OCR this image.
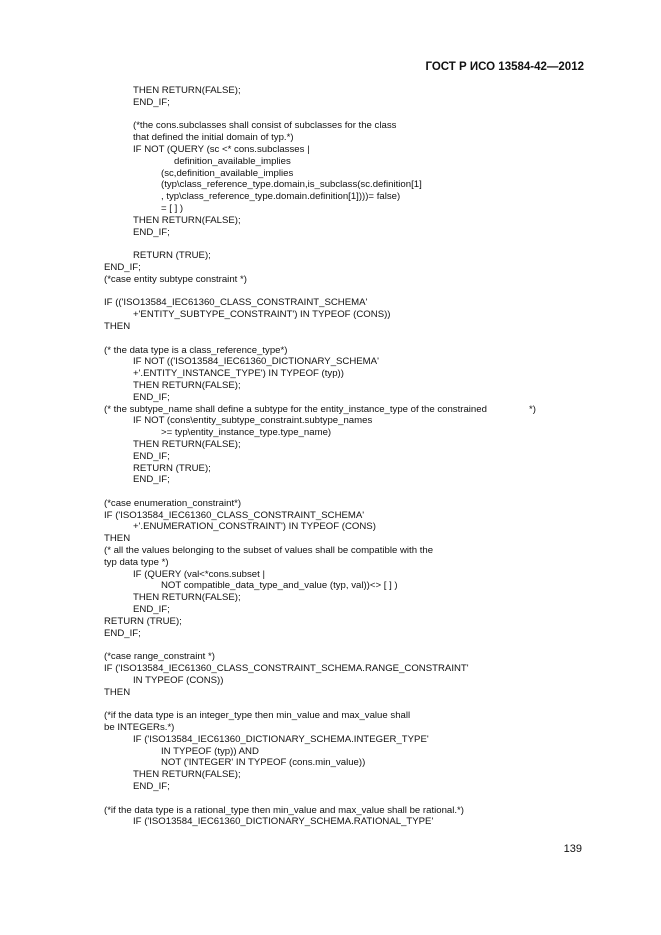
ГОСТ Р ИСО 13584-42—2012
THEN RETURN(FALSE);
END_IF;
(*the cons.subclasses shall consist of subclasses for the class
that defined the initial domain of typ.*)
IF NOT (QUERY (sc <* cons.subclasses |
definition_available_implies
(sc,definition_available_implies
(typ\class_reference_type.domain,is_subclass(sc.definition[1]
, typ\class_reference_type.domain.definition[1])))= false)
= [ ] )
THEN RETURN(FALSE);
END_IF;
RETURN (TRUE);
END_IF;
(*case entity subtype constraint *)
IF (('ISO13584_IEC61360_CLASS_CONSTRAINT_SCHEMA'
+'ENTITY_SUBTYPE_CONSTRAINT') IN TYPEOF (CONS))
THEN
(* the data type is a class_reference_type*)
IF NOT (('ISO13584_IEC61360_DICTIONARY_SCHEMA'
+'.ENTITY_INSTANCE_TYPE') IN TYPEOF (typ))
THEN RETURN(FALSE);
END_IF;
(* the subtype_name shall define a subtype for the entity_instance_type of the constrained	*)
IF NOT (cons\entity_subtype_constraint.subtype_names
>= typ\entity_instance_type.type_name)
THEN RETURN(FALSE);
END_IF;
RETURN (TRUE);
END_IF;
(*case enumeration_constraint*)
IF ('ISO13584_IEC61360_CLASS_CONSTRAINT_SCHEMA'
+'.ENUMERATION_CONSTRAINT') IN TYPEOF (CONS)
THEN
(* all the values belonging to the subset of values shall be compatible with the
typ data type *)
IF (QUERY (val<*cons.subset |
NOT compatible_data_type_and_value (typ, val))<> [ ] )
THEN RETURN(FALSE);
END_IF;
RETURN (TRUE);
END_IF;
(*case range_constraint *)
IF ('ISO13584_IEC61360_CLASS_CONSTRAINT_SCHEMA.RANGE_CONSTRAINT'
IN TYPEOF (CONS))
THEN
(*if the data type is an integer_type then min_value and max_value shall
be INTEGERs.*)
IF ('ISO13584_IEC61360_DICTIONARY_SCHEMA.INTEGER_TYPE'
IN TYPEOF (typ)) AND
NOT ('INTEGER' IN TYPEOF (cons.min_value))
THEN RETURN(FALSE);
END_IF;
(*if the data type is a rational_type then min_value and max_value shall be rational.*)
IF ('ISO13584_IEC61360_DICTIONARY_SCHEMA.RATIONAL_TYPE'
139
